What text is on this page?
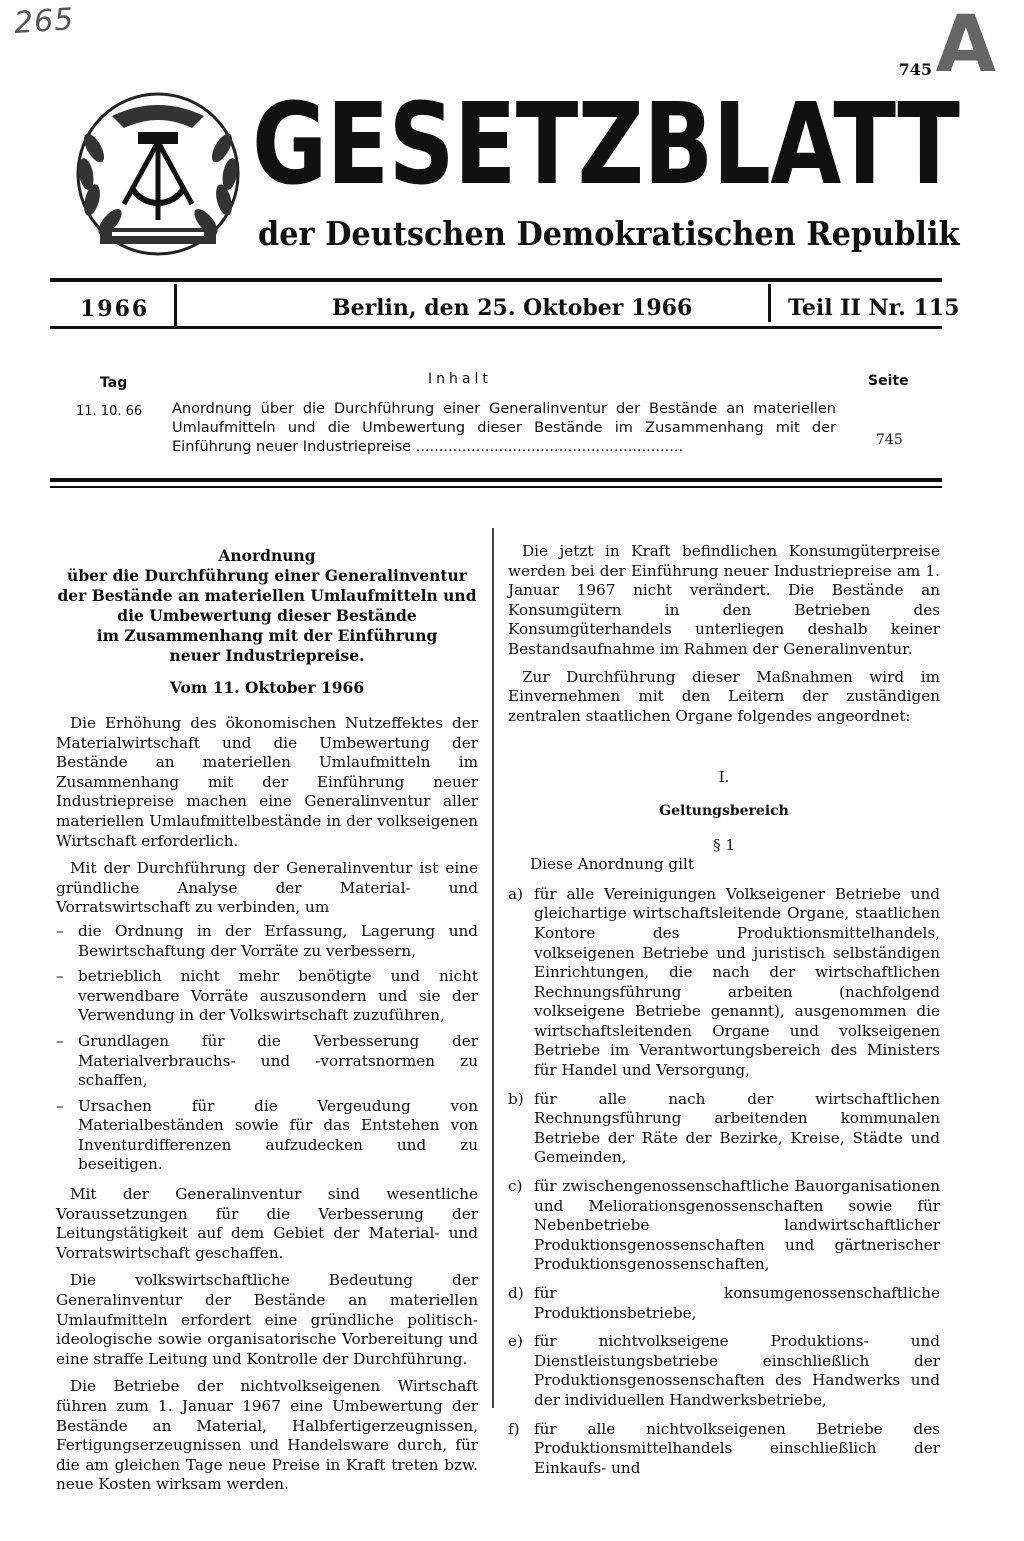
265	A
745
GESETZBLATT
der Deutschen Demokratischen Republik
1966	Berlin, den 25. Oktober 1966	Teil II Nr. 115
Tag	Inhalt	Seite
11. 10. 66 Anordnung über die Durchführung einer Generalinventur der Bestände an materiellen Umlaufmitteln und die Umbewertung dieser Bestände im Zusammenhang mit der Einführung neuer Industriepreise ..........................................................	745
Anordnung
über die Durchführung einer Generalinventur
der Bestände an materiellen Umlaufmitteln und
die Umbewertung dieser Bestände
im Zusammenhang mit der Einführung
neuer Industriepreise.
Vom 11. Oktober 1966

Die Erhöhung des ökonomischen Nutzeffektes der Materialwirtschaft und die Umbewertung der Bestände an materiellen Umlaufmitteln im Zusammenhang mit der Einführung neuer Industriepreise machen eine Generalinventur aller materiellen Umlaufmittelbestände in der volkseigenen Wirtschaft erforderlich.

Mit der Durchführung der Generalinventur ist eine gründliche Analyse der Material- und Vorratswirtschaft zu verbinden, um

– die Ordnung in der Erfassung, Lagerung und Bewirtschaftung der Vorräte zu verbessern,
– betrieblich nicht mehr benötigte und nicht verwendbare Vorräte auszusondern und sie der Verwendung in der Volkswirtschaft zuzuführen,
– Grundlagen für die Verbesserung der Materialverbrauchs- und -vorratsnormen zu schaffen,
– Ursachen für die Vergeudung von Materialbeständen sowie für das Entstehen von Inventurdifferenzen aufzudecken und zu beseitigen.

Mit der Generalinventur sind wesentliche Voraussetzungen für die Verbesserung der Leitungstätigkeit auf dem Gebiet der Material- und Vorratswirtschaft geschaffen.

Die volkswirtschaftliche Bedeutung der Generalinventur der Bestände an materiellen Umlaufmitteln erfordert eine gründliche politisch-ideologische sowie organisatorische Vorbereitung und eine straffe Leitung und Kontrolle der Durchführung.

Die Betriebe der nichtvolkseigenen Wirtschaft führen zum 1. Januar 1967 eine Umbewertung der Bestände an Material, Halbfertigerzeugnissen, Fertigungserzeugnissen und Handelsware durch, für die am gleichen Tage neue Preise in Kraft treten bzw. neue Kosten wirksam werden.

Die jetzt in Kraft befindlichen Konsumgüterpreise werden bei der Einführung neuer Industriepreise am 1. Januar 1967 nicht verändert. Die Bestände an Konsumgütern in den Betrieben des Konsumgüterhandels unterliegen deshalb keiner Bestandsaufnahme im Rahmen der Generalinventur.

Zur Durchführung dieser Maßnahmen wird im Einvernehmen mit den Leitern der zuständigen zentralen staatlichen Organe folgendes angeordnet:

I.
Geltungsbereich
§ 1
Diese Anordnung gilt
a) für alle Vereinigungen Volkseigener Betriebe und gleichartige wirtschaftsleitende Organe, staatlichen Kontore des Produktionsmittelhandels, volkseigenen Betriebe und juristisch selbständigen Einrichtungen, die nach der wirtschaftlichen Rechnungsführung arbeiten (nachfolgend volkseigene Betriebe genannt), ausgenommen die wirtschaftsleitenden Organe und volkseigenen Betriebe im Verantwortungsbereich des Ministers für Handel und Versorgung,
b) für alle nach der wirtschaftlichen Rechnungsführung arbeitenden kommunalen Betriebe der Räte der Bezirke, Kreise, Städte und Gemeinden,
c) für zwischengenossenschaftliche Bauorganisationen und Meliorationsgenossenschaften sowie für Nebenbetriebe landwirtschaftlicher Produktionsgenossenschaften und gärtnerischer Produktionsgenossenschaften,
d) für konsumgenossenschaftliche Produktionsbetriebe,
e) für nichtvolkseigene Produktions- und Dienstleistungsbetriebe einschließlich der Produktionsgenossenschaften des Handwerks und der individuellen Handwerksbetriebe,
f) für alle nichtvolkseigenen Betriebe des Produktionsmittelhandels einschließlich der Einkaufs- und
